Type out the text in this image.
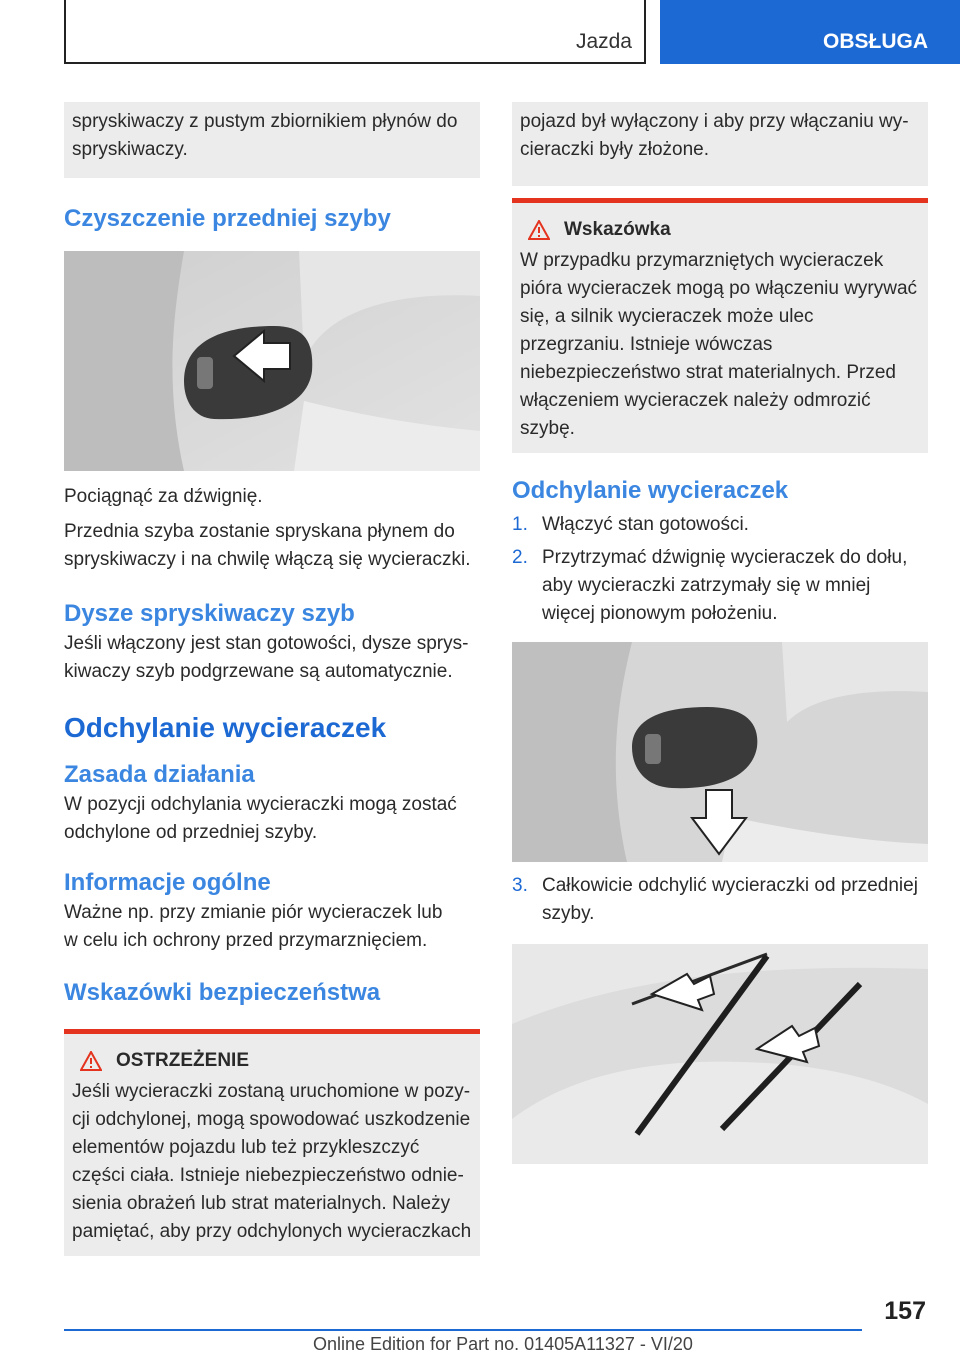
Jazda	OBSŁUGA

spryskiwaczy z pustym zbiornikiem płynów do spryskiwaczy.

Czyszczenie przedniej szyby

Pociągnąć za dźwignię.

Przednia szyba zostanie spryskana płynem do spryskiwaczy i na chwilę włączą się wycieraczki.

Dysze spryskiwaczy szyb

Jeśli włączony jest stan gotowości, dysze spryskiwaczy szyb podgrzewane są automatycznie.

Odchylanie wycieraczek
Zasada działania

W pozycji odchylania wycieraczki mogą zostać odchylone od przedniej szyby.

Informacje ogólne

Ważne np. przy zmianie piór wycieraczek lub

w celu ich ochrony przed przymarznięciem.

Wskazówki bezpieczeństwa
OSTRZEŻENIE

Jeśli wycieraczki zostaną uruchomione w pozycji odchylonej, mogą spowodować uszkodzenie elementów pojazdu lub też przykleszczyć części ciała. Istnieje niebezpieczeństwo odniesienia obrażeń lub strat materialnych. Należy pamiętać, aby przy odchylonych wycieraczkach

pojazd był wyłączony i aby przy włączaniu wycieraczki były złożone.

Wskazówka

W przypadku przymarzniętych wycieraczek pióra wycieraczek mogą po włączeniu wyrywać się, a silnik wycieraczek może ulec przegrzaniu. Istnieje wówczas niebezpieczeństwo strat materialnych. Przed włączeniem wycieraczek należy odmrozić szybę.

Odchylanie wycieraczek
1. Włączyć stan gotowości.
2. Przytrzymać dźwignię wycieraczek do dołu, aby wycieraczki zatrzymały się w mniej więcej pionowym położeniu.
3. Całkowicie odchylić wycieraczki od przedniej szyby.
157
Online Edition for Part no. 01405A11327 - VI/20
